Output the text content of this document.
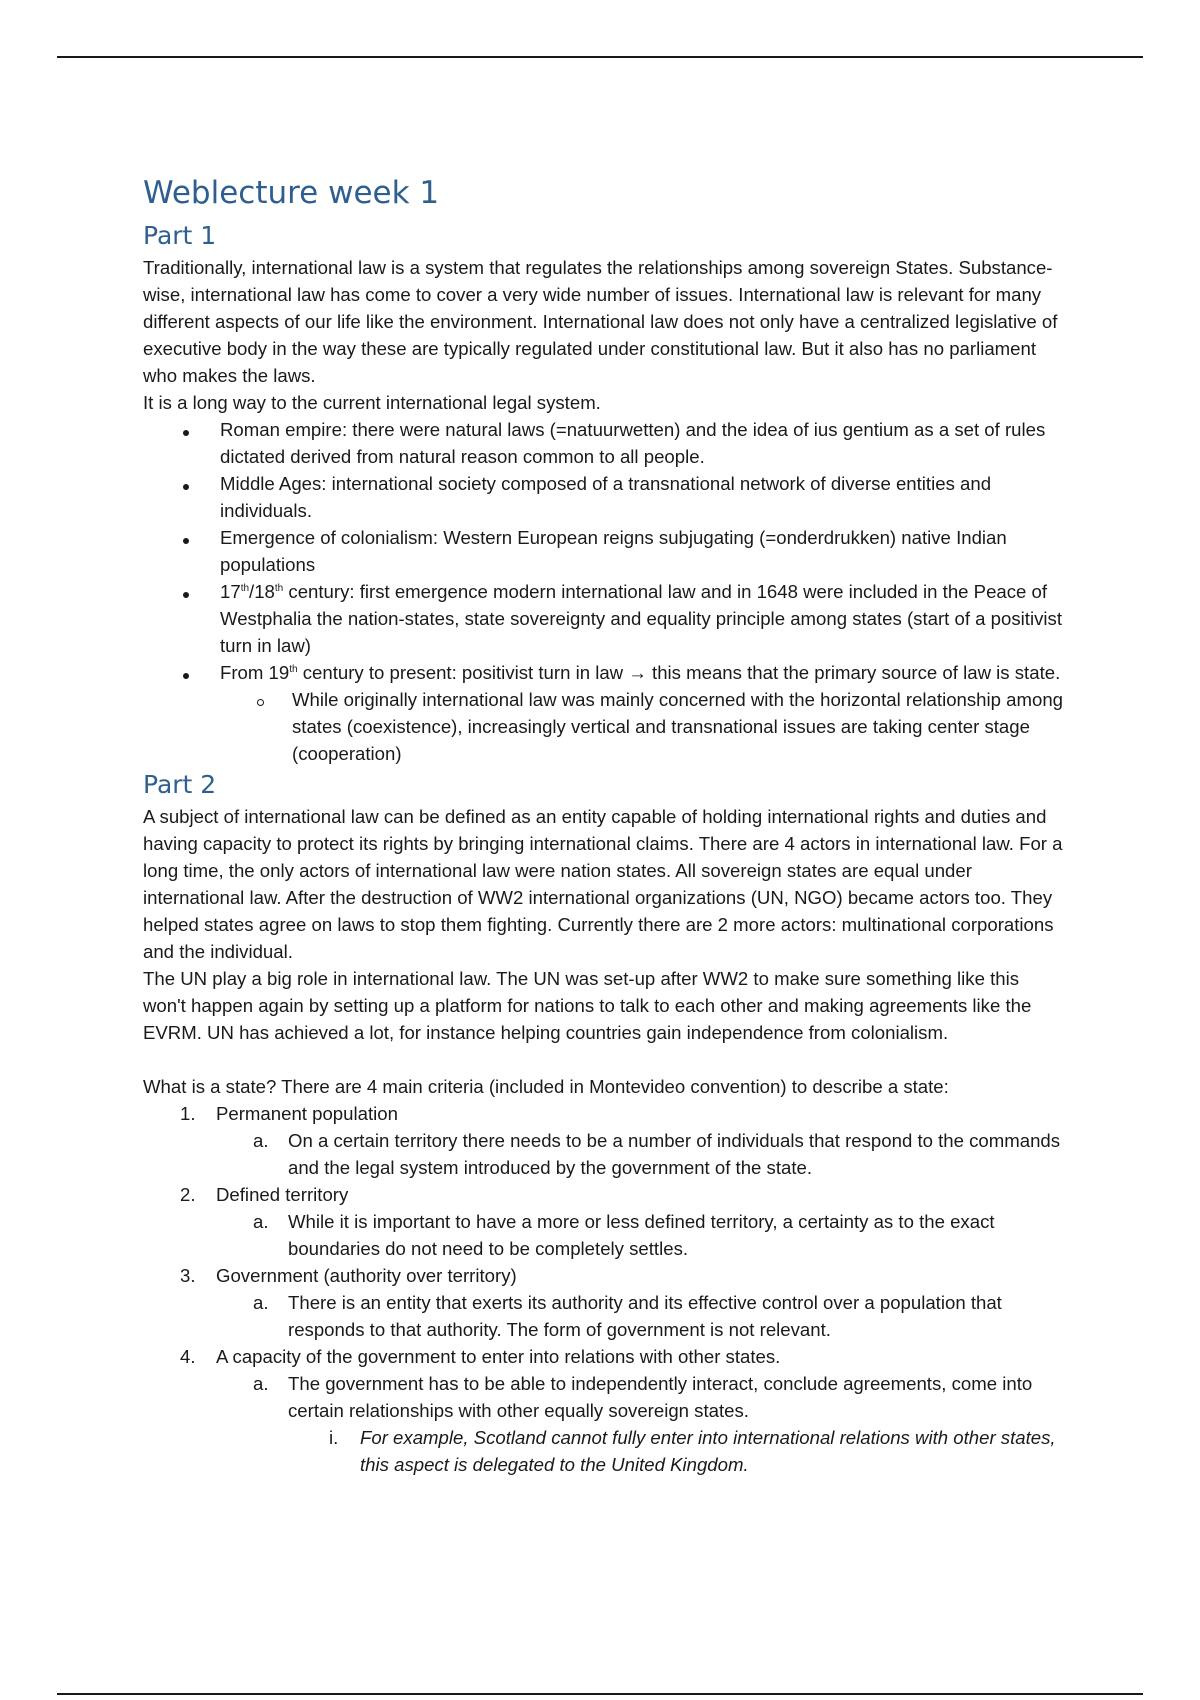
Weblecture week 1
Part 1

Traditionally, international law is a system that regulates the relationships among sovereign States. Substance-wise, international law has come to cover a very wide number of issues. International law is relevant for many different aspects of our life like the environment. International law does not only have a centralized legislative of executive body in the way these are typically regulated under constitutional law. But it also has no parliament who makes the laws.

It is a long way to the current international legal system.

Roman empire: there were natural laws (=natuurwetten) and the idea of ius gentium as a set of rules dictated derived from natural reason common to all people.
Middle Ages: international society composed of a transnational network of diverse entities and individuals.
Emergence of colonialism: Western European reigns subjugating (=onderdrukken) native Indian populations
17th/18th century: first emergence modern international law and in 1648 were included in the Peace of Westphalia the nation-states, state sovereignty and equality principle among states (start of a positivist turn in law)
From 19th century to present: positivist turn in law → this means that the primary source of law is state.
While originally international law was mainly concerned with the horizontal relationship among states (coexistence), increasingly vertical and transnational issues are taking center stage (cooperation)
Part 2

A subject of international law can be defined as an entity capable of holding international rights and duties and having capacity to protect its rights by bringing international claims. There are 4 actors in international law. For a long time, the only actors of international law were nation states. All sovereign states are equal under international law. After the destruction of WW2 international organizations (UN, NGO) became actors too. They helped states agree on laws to stop them fighting. Currently there are 2 more actors: multinational corporations and the individual.

The UN play a big role in international law. The UN was set-up after WW2 to make sure something like this won't happen again by setting up a platform for nations to talk to each other and making agreements like the EVRM. UN has achieved a lot, for instance helping countries gain independence from colonialism.

What is a state? There are 4 main criteria (included in Montevideo convention) to describe a state:

1. Permanent population
a. On a certain territory there needs to be a number of individuals that respond to the commands and the legal system introduced by the government of the state.
2. Defined territory
a. While it is important to have a more or less defined territory, a certainty as to the exact boundaries do not need to be completely settles.
3. Government (authority over territory)
a. There is an entity that exerts its authority and its effective control over a population that responds to that authority. The form of government is not relevant.
4. A capacity of the government to enter into relations with other states.
a. The government has to be able to independently interact, conclude agreements, come into certain relationships with other equally sovereign states.
i. For example, Scotland cannot fully enter into international relations with other states, this aspect is delegated to the United Kingdom.
